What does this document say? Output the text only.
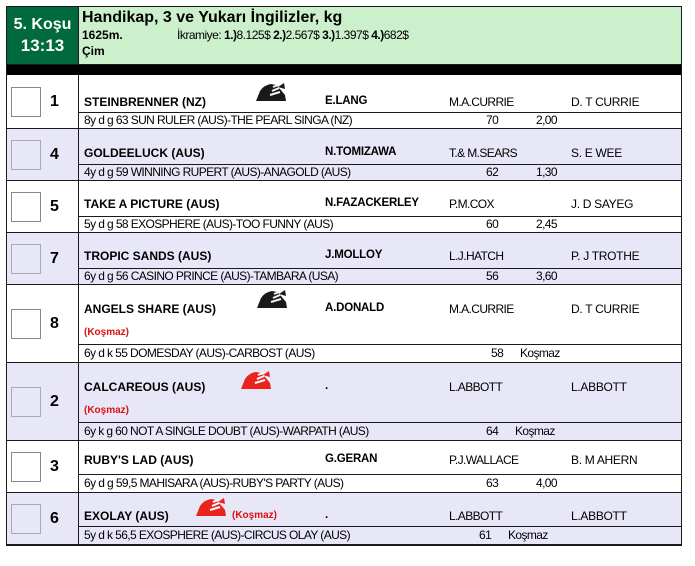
5. Koşu
13:13
Handikap, 3 ve Yukarı İngilizler, kg
1625m.	İkramiye: 1.)8.125$ 2.)2.567$ 3.)1.397$ 4.)682$
Çim
1 STEINBRENNER (NZ)	E.LANG	M.A.CURRIE	D. T CURRIE
8y d g 63 SUN RULER (AUS)-THE PEARL SINGA (NZ)	70	2,00
4 GOLDEELUCK (AUS)	N.TOMIZAWA	T.& M.SEARS	S. E WEE
4y d g 59 WINNING RUPERT (AUS)-ANAGOLD (AUS)	62	1,30
5 TAKE A PICTURE (AUS)	N.FAZACKERLEY	P.M.COX	J. D SAYEG
5y d g 58 EXOSPHERE (AUS)-TOO FUNNY (AUS)	60	2,45
7 TROPIC SANDS (AUS)	J.MOLLOY	L.J.HATCH	P. J TROTHE
6y d g 56 CASINO PRINCE (AUS)-TAMBARA (USA)	56	3,60
8
ANGELS SHARE (AUS)	A.DONALD	M.A.CURRIE	D. T CURRIE
(Koşmaz)
6y d k 55 DOMESDAY (AUS)-CARBOST (AUS)	58 Koşmaz
2
CALCAREOUS (AUS)	.	L.ABBOTT	L.ABBOTT
(Koşmaz)
6y k g 60 NOT A SINGLE DOUBT (AUS)-WARPATH (AUS)	64 Koşmaz
3 RUBY'S LAD (AUS)	G.GERAN	P.J.WALLACE	B. M AHERN
6y d g 59,5 MAHISARA (AUS)-RUBY'S PARTY (AUS)	63	4,00
6 EXOLAY (AUS)	.	L.ABBOTT	L.ABBOTT
(Koşmaz)
5y d k 56,5 EXOSPHERE (AUS)-CIRCUS OLAY (AUS)	61 Koşmaz
